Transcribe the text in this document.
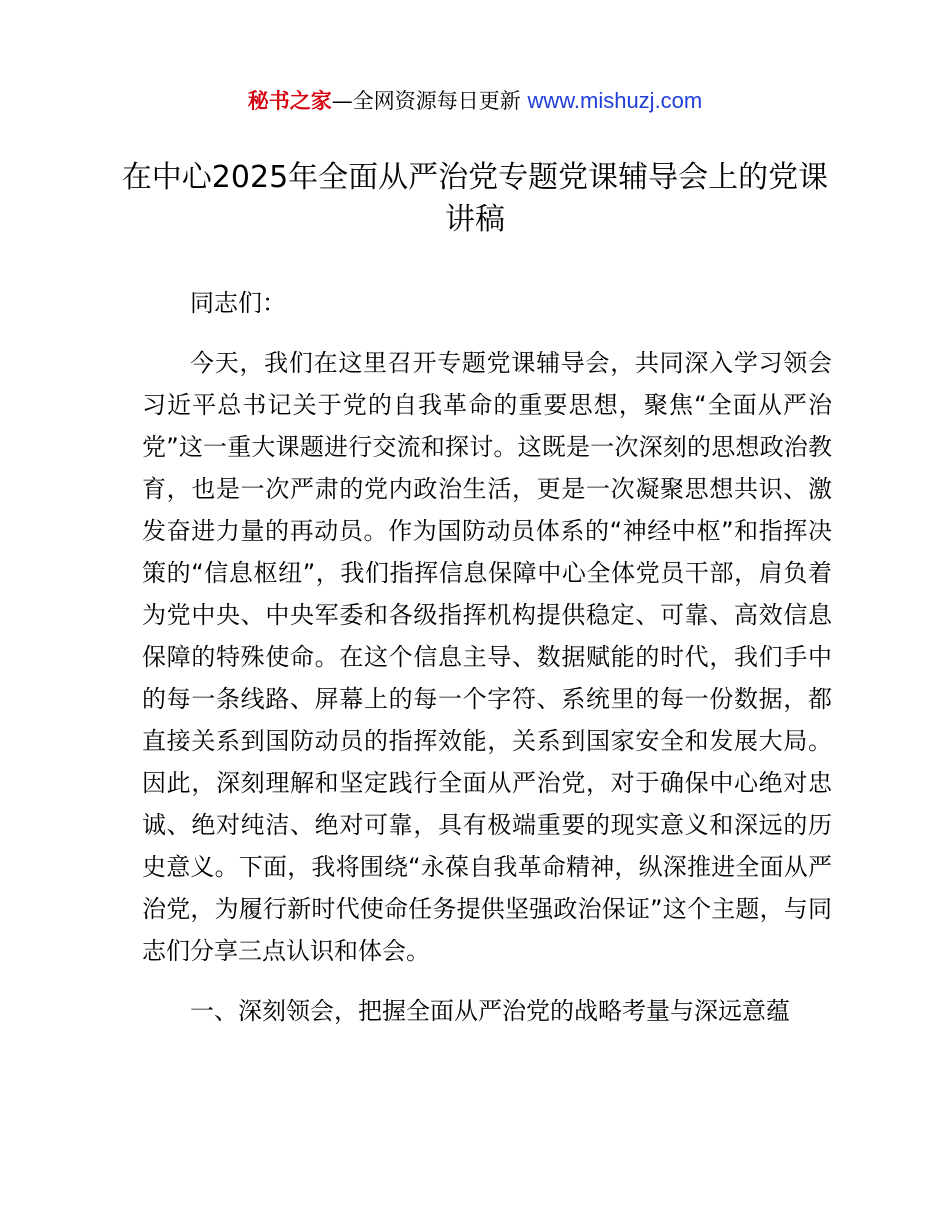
秘书之家—全网资源每日更新 www.mishuzj.com
在中心2025年全面从严治党专题党课辅导会上的党课讲稿

同志们：

今天，我们在这里召开专题党课辅导会，共同深入学习领会习近平总书记关于党的自我革命的重要思想，聚焦“全面从严治党”这一重大课题进行交流和探讨。这既是一次深刻的思想政治教育，也是一次严肃的党内政治生活，更是一次凝聚思想共识、激发奋进力量的再动员。作为国防动员体系的“神经中枢”和指挥决策的“信息枢纽”，我们指挥信息保障中心全体党员干部，肩负着为党中央、中央军委和各级指挥机构提供稳定、可靠、高效信息保障的特殊使命。在这个信息主导、数据赋能的时代，我们手中的每一条线路、屏幕上的每一个字符、系统里的每一份数据，都直接关系到国防动员的指挥效能，关系到国家安全和发展大局。因此，深刻理解和坚定践行全面从严治党，对于确保中心绝对忠诚、绝对纯洁、绝对可靠，具有极端重要的现实意义和深远的历史意义。下面，我将围绕“永葆自我革命精神，纵深推进全面从严治党，为履行新时代使命任务提供坚强政治保证”这个主题，与同志们分享三点认识和体会。

一、深刻领会，把握全面从严治党的战略考量与深远意蕴
